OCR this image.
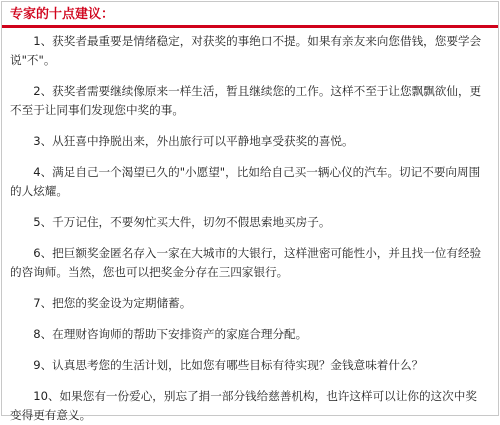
专家的十点建议：

1、获奖者最重要是情绪稳定，对获奖的事绝口不提。如果有亲友来向您借钱，您要学会说"不"。

2、获奖者需要继续像原来一样生活，暂且继续您的工作。这样不至于让您飘飘欲仙，更不至于让同事们发现您中奖的事。

3、从狂喜中挣脱出来，外出旅行可以平静地享受获奖的喜悦。

4、满足自己一个渴望已久的"小愿望"，比如给自己买一辆心仪的汽车。切记不要向周围的人炫耀。

5、千万记住，不要匆忙买大件，切勿不假思索地买房子。

6、把巨额奖金匿名存入一家在大城市的大银行，这样泄密可能性小，并且找一位有经验的咨询师。当然，您也可以把奖金分存在三四家银行。

7、把您的奖金设为定期储蓄。

8、在理财咨询师的帮助下安排资产的家庭合理分配。

9、认真思考您的生活计划，比如您有哪些目标有待实现？金钱意味着什么？

10、如果您有一份爱心，别忘了捐一部分钱给慈善机构，也许这样可以让你的这次中奖变得更有意义。
